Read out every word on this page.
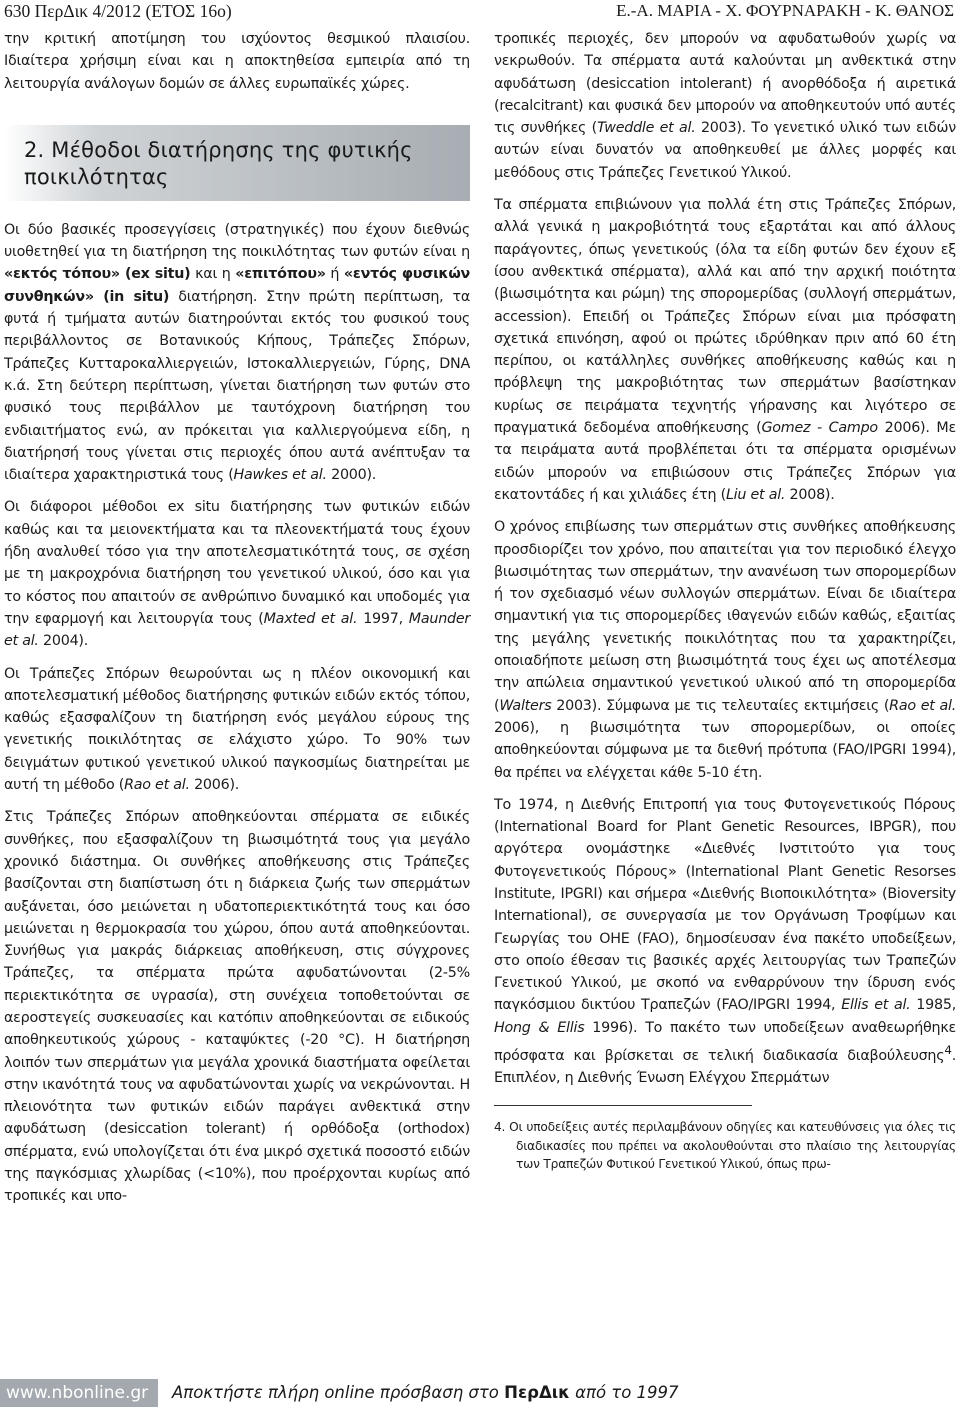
630 ΠερΔικ 4/2012 (ΕΤΟΣ 16ο)	Ε.-Α. ΜΑΡΙΑ - Χ. ΦΟΥΡΝΑΡΑΚΗ - Κ. ΘΑΝΟΣ

την κριτική αποτίμηση του ισχύοντος θεσμικού πλαισίου. Ιδιαίτερα χρήσιμη είναι και η αποκτηθείσα εμπειρία από τη λειτουργία ανάλογων δομών σε άλλες ευρωπαϊκές χώρες.

2. Μέθοδοι διατήρησης της φυτικής ποικιλότητας

Οι δύο βασικές προσεγγίσεις (στρατηγικές) που έχουν διεθνώς υιοθετηθεί για τη διατήρηση της ποικιλότητας των φυτών είναι η «εκτός τόπου» (ex situ) και η «επιτόπου» ή «εντός φυσικών συνθηκών» (in situ) διατήρηση. Στην πρώτη περίπτωση, τα φυτά ή τμήματα αυτών διατηρούνται εκτός του φυσικού τους περιβάλλοντος σε Βοτανικούς Κήπους, Τράπεζες Σπόρων, Τράπεζες Κυτταροκαλλιεργειών, Ιστοκαλλιεργειών, Γύρης, DNA κ.ά. Στη δεύτερη περίπτωση, γίνεται διατήρηση των φυτών στο φυσικό τους περιβάλλον με ταυτόχρονη διατήρηση του ενδιαιτήματος ενώ, αν πρόκειται για καλλιεργούμενα είδη, η διατήρησή τους γίνεται στις περιοχές όπου αυτά ανέπτυξαν τα ιδιαίτερα χαρακτηριστικά τους (Hawkes et al. 2000).

Οι διάφοροι μέθοδοι ex situ διατήρησης των φυτικών ειδών καθώς και τα μειονεκτήματα και τα πλεονεκτήματά τους έχουν ήδη αναλυθεί τόσο για την αποτελεσματικότητά τους, σε σχέση με τη μακροχρόνια διατήρηση του γενετικού υλικού, όσο και για το κόστος που απαιτούν σε ανθρώπινο δυναμικό και υποδομές για την εφαρμογή και λειτουργία τους (Maxted et al. 1997, Maunder et al. 2004).

Οι Τράπεζες Σπόρων θεωρούνται ως η πλέον οικονομική και αποτελεσματική μέθοδος διατήρησης φυτικών ειδών εκτός τόπου, καθώς εξασφαλίζουν τη διατήρηση ενός μεγάλου εύρους της γενετικής ποικιλότητας σε ελάχιστο χώρο. Το 90% των δειγμάτων φυτικού γενετικού υλικού παγκοσμίως διατηρείται με αυτή τη μέθοδο (Rao et al. 2006).

Στις Τράπεζες Σπόρων αποθηκεύονται σπέρματα σε ειδικές συνθήκες, που εξασφαλίζουν τη βιωσιμότητά τους για μεγάλο χρονικό διάστημα. Οι συνθήκες αποθήκευσης στις Τράπεζες βασίζονται στη διαπίστωση ότι η διάρκεια ζωής των σπερμάτων αυξάνεται, όσο μειώνεται η υδατοπεριεκτικότητά τους και όσο μειώνεται η θερμοκρασία του χώρου, όπου αυτά αποθηκεύονται. Συνήθως για μακράς διάρκειας αποθήκευση, στις σύγχρονες Τράπεζες, τα σπέρματα πρώτα αφυδατώνονται (2-5% περιεκτικότητα σε υγρασία), στη συνέχεια τοποθετούνται σε αεροστεγείς συσκευασίες και κατόπιν αποθηκεύονται σε ειδικούς αποθηκευτικούς χώρους - καταψύκτες (-20 °C). Η διατήρηση λοιπόν των σπερμάτων για μεγάλα χρονικά διαστήματα οφείλεται στην ικανότητά τους να αφυδατώνονται χωρίς να νεκρώνονται. Η πλειονότητα των φυτικών ειδών παράγει ανθεκτικά στην αφυδάτωση (desiccation tolerant) ή ορθόδοξα (orthodox) σπέρματα, ενώ υπολογίζεται ότι ένα μικρό σχετικά ποσοστό ειδών της παγκόσμιας χλωρίδας (<10%), που προέρχονται κυρίως από τροπικές και υπο-

τροπικές περιοχές, δεν μπορούν να αφυδατωθούν χωρίς να νεκρωθούν. Τα σπέρματα αυτά καλούνται μη ανθεκτικά στην αφυδάτωση (desiccation intolerant) ή ανορθόδοξα ή αιρετικά (recalcitrant) και φυσικά δεν μπορούν να αποθηκευτούν υπό αυτές τις συνθήκες (Tweddle et al. 2003). Το γενετικό υλικό των ειδών αυτών είναι δυνατόν να αποθηκευθεί με άλλες μορφές και μεθόδους στις Τράπεζες Γενετικού Υλικού.

Τα σπέρματα επιβιώνουν για πολλά έτη στις Τράπεζες Σπόρων, αλλά γενικά η μακροβιότητά τους εξαρτάται και από άλλους παράγοντες, όπως γενετικούς (όλα τα είδη φυτών δεν έχουν εξ ίσου ανθεκτικά σπέρματα), αλλά και από την αρχική ποιότητα (βιωσιμότητα και ρώμη) της σπορομερίδας (συλλογή σπερμάτων, accession). Επειδή οι Τράπεζες Σπόρων είναι μια πρόσφατη σχετικά επινόηση, αφού οι πρώτες ιδρύθηκαν πριν από 60 έτη περίπου, οι κατάλληλες συνθήκες αποθήκευσης καθώς και η πρόβλεψη της μακροβιότητας των σπερμάτων βασίστηκαν κυρίως σε πειράματα τεχνητής γήρανσης και λιγότερο σε πραγματικά δεδομένα αποθήκευσης (Gomez - Campo 2006). Με τα πειράματα αυτά προβλέπεται ότι τα σπέρματα ορισμένων ειδών μπορούν να επιβιώσουν στις Τράπεζες Σπόρων για εκατοντάδες ή και χιλιάδες έτη (Liu et al. 2008).

Ο χρόνος επιβίωσης των σπερμάτων στις συνθήκες αποθήκευσης προσδιορίζει τον χρόνο, που απαιτείται για τον περιοδικό έλεγχο βιωσιμότητας των σπερμάτων, την ανανέωση των σπορομερίδων ή τον σχεδιασμό νέων συλλογών σπερμάτων. Είναι δε ιδιαίτερα σημαντική για τις σπορομερίδες ιθαγενών ειδών καθώς, εξαιτίας της μεγάλης γενετικής ποικιλότητας που τα χαρακτηρίζει, οποιαδήποτε μείωση στη βιωσιμότητά τους έχει ως αποτέλεσμα την απώλεια σημαντικού γενετικού υλικού από τη σπορομερίδα (Walters 2003). Σύμφωνα με τις τελευταίες εκτιμήσεις (Rao et al. 2006), η βιωσιμότητα των σπορομερίδων, οι οποίες αποθηκεύονται σύμφωνα με τα διεθνή πρότυπα (FAO/IPGRI 1994), θα πρέπει να ελέγχεται κάθε 5-10 έτη.

Το 1974, η Διεθνής Επιτροπή για τους Φυτογενετικούς Πόρους (International Board for Plant Genetic Resources, IBPGR), που αργότερα ονομάστηκε «Διεθνές Ινστιτούτο για τους Φυτογενετικούς Πόρους» (International Plant Genetic Resorses Institute, IPGRI) και σήμερα «Διεθνής Βιοποικιλότητα» (Bioversity International), σε συνεργασία με τον Οργάνωση Τροφίμων και Γεωργίας του ΟΗΕ (FAO), δημοσίευσαν ένα πακέτο υποδείξεων, στο οποίο έθεσαν τις βασικές αρχές λειτουργίας των Τραπεζών Γενετικού Υλικού, με σκοπό να ενθαρρύνουν την ίδρυση ενός παγκόσμιου δικτύου Τραπεζών (FAO/IPGRI 1994, Ellis et al. 1985, Hong & Ellis 1996). Το πακέτο των υποδείξεων αναθεωρήθηκε πρόσφατα και βρίσκεται σε τελική διαδικασία διαβούλευσης$^4$. Επιπλέον, η Διεθνής Ένωση Ελέγχου Σπερμάτων

4. Οι υποδείξεις αυτές περιλαμβάνουν οδηγίες και κατευθύνσεις για όλες τις διαδικασίες που πρέπει να ακολουθούνται στο πλαίσιο της λειτουργίας των Τραπεζών Φυτικού Γενετικού Υλικού, όπως πρω-
www.nbonline.gr	Αποκτήστε πλήρη online πρόσβαση στο ΠερΔικ από το 1997
